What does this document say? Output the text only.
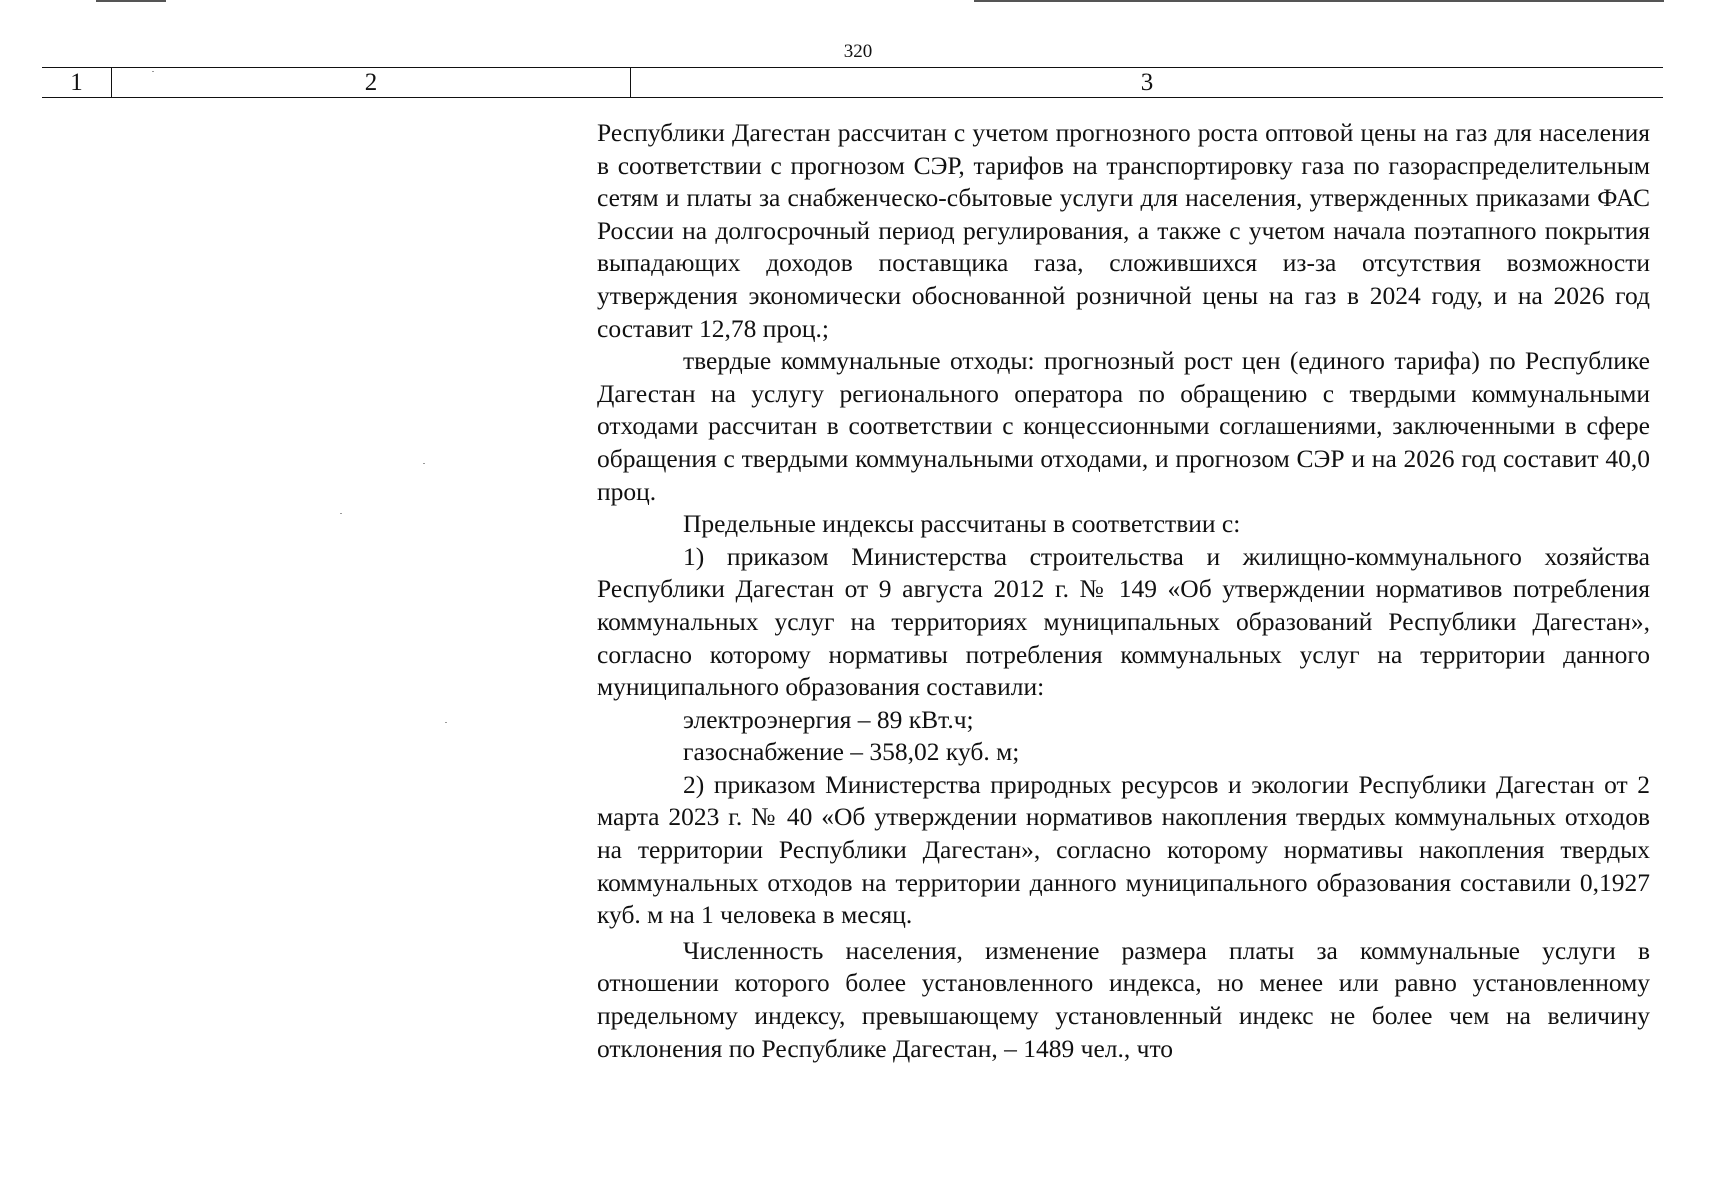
320
1	2	3

Республики Дагестан рассчитан с учетом прогнозного роста оптовой цены на газ для населения в соответствии с прогнозом СЭР, тарифов на транспортировку газа по газораспределительным сетям и платы за снабженческо-сбытовые услуги для населения, утвержденных приказами ФАС России на долгосрочный период регулирования, а также с учетом начала поэтапного покрытия выпадающих доходов поставщика газа, сложившихся из-за отсутствия возможности утверждения экономически обоснованной розничной цены на газ в 2024 году, и на 2026 год составит 12,78 проц.;

твердые коммунальные отходы: прогнозный рост цен (единого тарифа) по Республике Дагестан на услугу регионального оператора по обращению с твердыми коммунальными отходами рассчитан в соответствии с концессионными соглашениями, заключенными в сфере обращения с твердыми коммунальными отходами, и прогнозом СЭР и на 2026 год составит 40,0 проц.

Предельные индексы рассчитаны в соответствии с:

1) приказом Министерства строительства и жилищно-коммунального хозяйства Республики Дагестан от 9 августа 2012 г. № 149 «Об утверждении нормативов потребления коммунальных услуг на территориях муниципальных образований Республики Дагестан», согласно которому нормативы потребления коммунальных услуг на территории данного муниципального образования составили:

электроэнергия – 89 кВт.ч;

газоснабжение – 358,02 куб. м;

2) приказом Министерства природных ресурсов и экологии Республики Дагестан от 2 марта 2023 г. № 40 «Об утверждении нормативов накопления твердых коммунальных отходов на территории Республики Дагестан», согласно которому нормативы накопления твердых коммунальных отходов на территории данного муниципального образования составили 0,1927 куб. м на 1 человека в месяц.

Численность населения, изменение размера платы за коммунальные услуги в отношении которого более установленного индекса, но менее или равно установленному предельному индексу, превышающему установленный индекс не более чем на величину отклонения по Республике Дагестан, – 1489 чел., что
